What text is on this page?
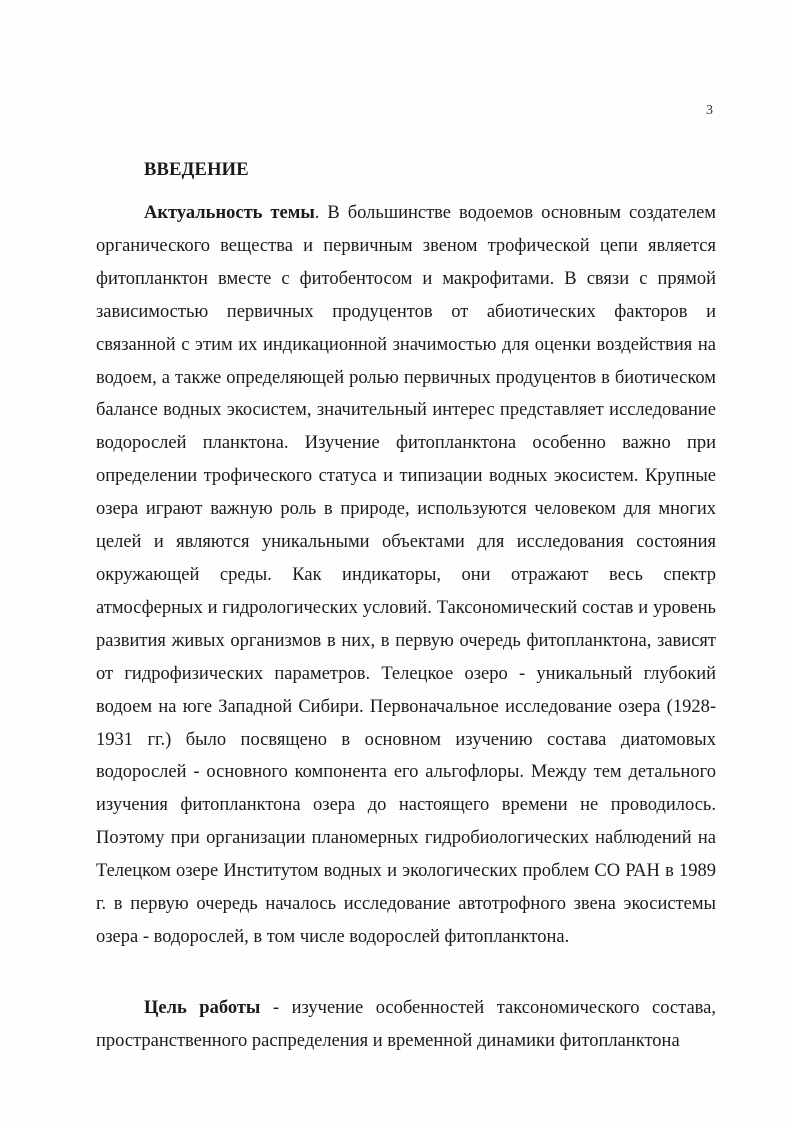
3
ВВЕДЕНИЕ

Актуальность темы. В большинстве водоемов основным создателем органического вещества и первичным звеном трофической цепи является фитопланктон вместе с фитобентосом и макрофитами. В связи с прямой зависимостью первичных продуцентов от абиотических факторов и связанной с этим их индикационной значимостью для оценки воздействия на водоем, а также определяющей ролью первичных продуцентов в биотическом балансе водных экосистем, значительный интерес представляет исследование водорослей планктона. Изучение фитопланктона особенно важно при определении трофического статуса и типизации водных экосистем. Крупные озера играют важную роль в природе, используются человеком для многих целей и являются уникальными объектами для исследования состояния окружающей среды. Как индикаторы, они отражают весь спектр атмосферных и гидрологических условий. Таксономический состав и уровень развития живых организмов в них, в первую очередь фитопланктона, зависят от гидрофизических параметров. Телецкое озеро - уникальный глубокий водоем на юге Западной Сибири. Первоначальное исследование озера (1928-1931 гг.) было посвящено в основном изучению состава диатомовых водорослей - основного компонента его альгофлоры. Между тем детального изучения фитопланктона озера до настоящего времени не проводилось. Поэтому при организации планомерных гидробиологических наблюдений на Телецком озере Институтом водных и экологических проблем СО РАН в 1989 г. в первую очередь началось исследование автотрофного звена экосистемы озера - водорослей, в том числе водорослей фитопланктона.

Цель работы - изучение особенностей таксономического состава, пространственного распределения и временной динамики фитопланктона
